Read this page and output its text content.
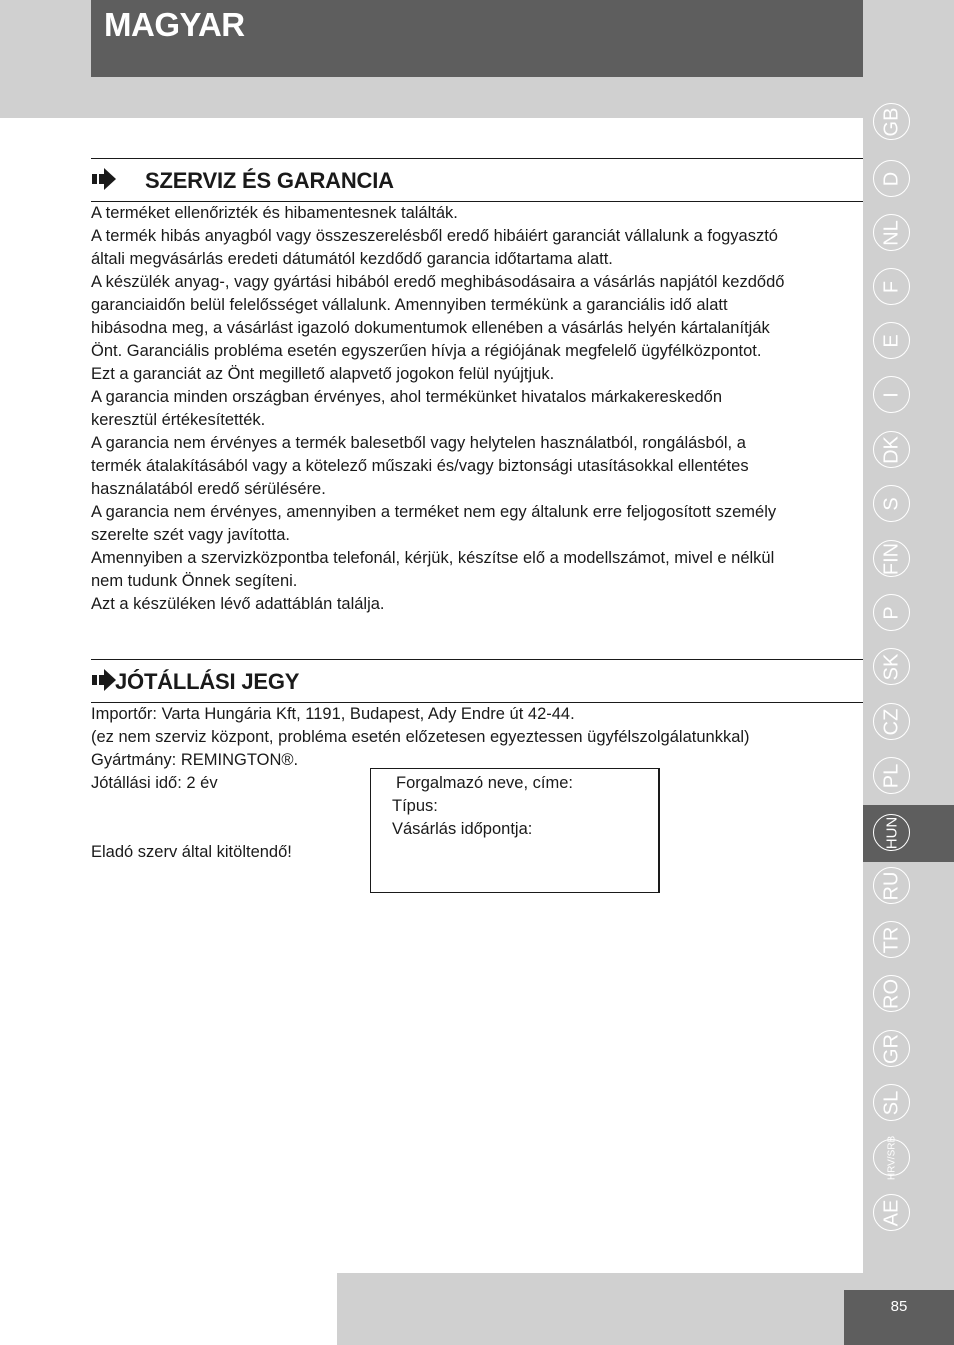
MAGYAR
SZERVIZ ÉS GARANCIA

A terméket ellenőrizték és hibamentesnek találták.

A termék hibás anyagból vagy összeszerelésből eredő hibáiért garanciát vállalunk a fogyasztó

általi megvásárlás eredeti dátumától kezdődő garancia időtartama alatt.

A készülék anyag-, vagy gyártási hibából eredő meghibásodásaira a vásárlás napjától kezdődő

garanciaidőn belül felelősséget vállalunk. Amennyiben termékünk a garanciális idő alatt

hibásodna meg, a vásárlást igazoló dokumentumok ellenében a vásárlás helyén kártalanítják

Önt. Garanciális probléma esetén egyszerűen hívja a régiójának megfelelő ügyfélközpontot.

Ezt a garanciát az Önt megillető alapvető jogokon felül nyújtjuk.

A garancia minden országban érvényes, ahol termékünket hivatalos márkakereskedőn

keresztül értékesítették.

A garancia nem érvényes a termék balesetből vagy helytelen használatból, rongálásból, a

termék átalakításából vagy a kötelező műszaki és/vagy biztonsági utasításokkal ellentétes

használatából eredő sérülésére.

A garancia nem érvényes, amennyiben a terméket nem egy általunk erre feljogosított személy

szerelte szét vagy javította.

Amennyiben a szervizközpontba telefonál, kérjük, készítse elő a modellszámot, mivel e nélkül

nem tudunk Önnek segíteni.

Azt a készüléken lévő adattáblán találja.

JÓTÁLLÁSI JEGY

Importőr: Varta Hungária Kft, 1191, Budapest, Ady Endre út 42-44.

(ez nem szerviz központ, probléma esetén előzetesen egyeztessen ügyfélszolgálatunkkal)

Gyártmány: REMINGTON®.

Jótállási idő: 2 év

Eladó szerv által kitöltendő!

Forgalmazó neve, címe:
Típus:
Vásárlás időpontja:
GB
D
NL
F
E
I
DK
S
FIN
P
SK
CZ
PL
HUN
RU
TR
RO
GR
SL
HRV/SRB
AE
85
